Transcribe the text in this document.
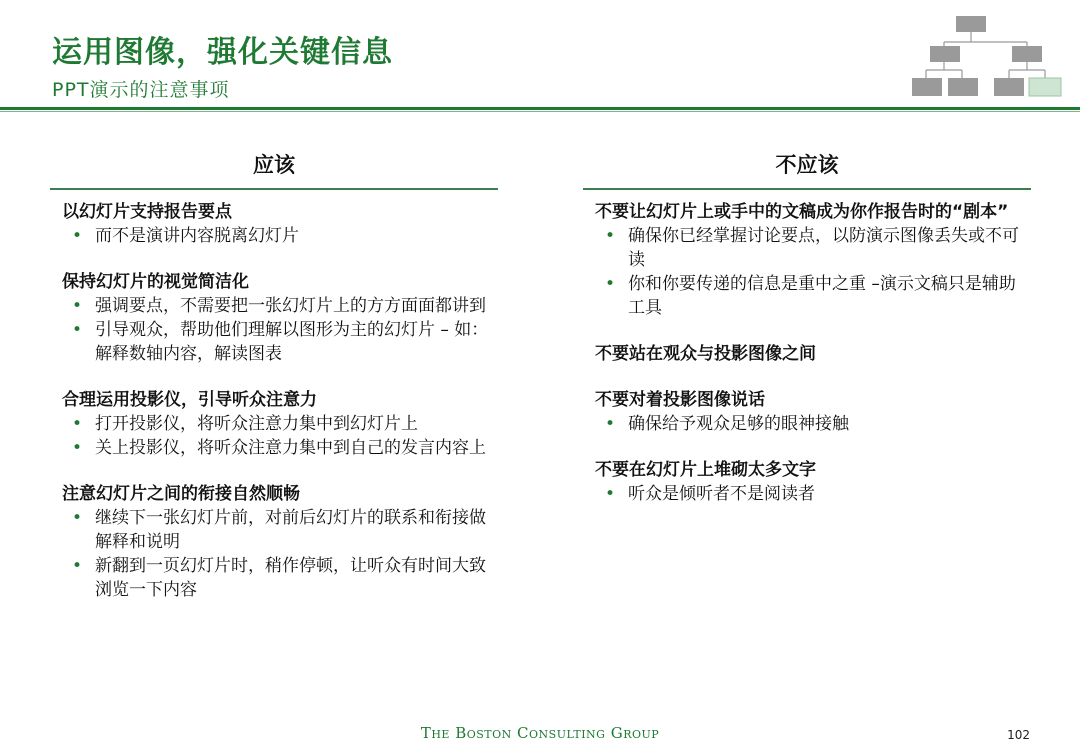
运用图像，强化关键信息
PPT演示的注意事项
应该
以幻灯片支持报告要点
• 而不是演讲内容脱离幻灯片
保持幻灯片的视觉简洁化
• 强调要点，不需要把一张幻灯片上的方方面面都讲到
• 引导观众，帮助他们理解以图形为主的幻灯片 – 如：解释数轴内容，解读图表
合理运用投影仪，引导听众注意力
• 打开投影仪，将听众注意力集中到幻灯片上
• 关上投影仪，将听众注意力集中到自己的发言内容上
注意幻灯片之间的衔接自然顺畅
• 继续下一张幻灯片前，对前后幻灯片的联系和衔接做解释和说明
• 新翻到一页幻灯片时，稍作停顿，让听众有时间大致浏览一下内容
不应该
不要让幻灯片上或手中的文稿成为你作报告时的“剧本”
• 确保你已经掌握讨论要点，以防演示图像丢失或不可读
• 你和你要传递的信息是重中之重 –演示文稿只是辅助工具
不要站在观众与投影图像之间
不要对着投影图像说话
• 确保给予观众足够的眼神接触
不要在幻灯片上堆砌太多文字
• 听众是倾听者不是阅读者
The Boston Consulting Group	102
